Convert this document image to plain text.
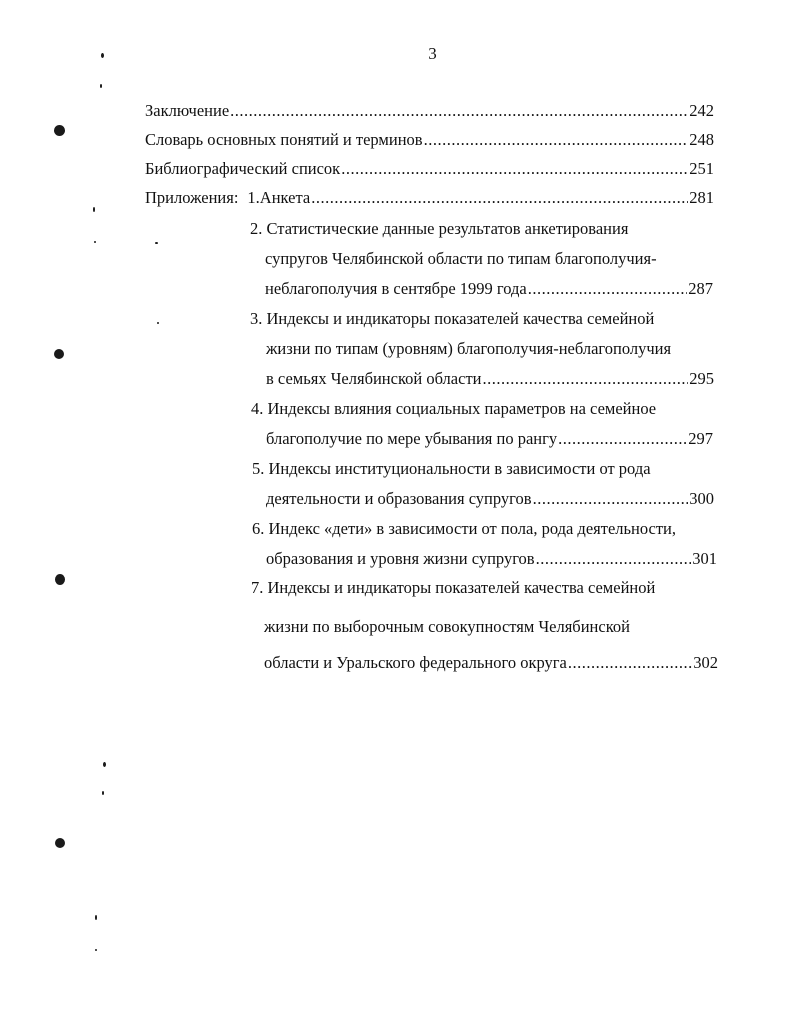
3
Заключение .....	242
Словарь основных понятий и терминов .....	248
Библиографический список .....	251
Приложения: 1.Анкета .....	281
2. Статистические данные результатов анкетирования
супругов Челябинской области по типам благополучия-
неблагополучия в сентябре 1999 года .....	287
3. Индексы и индикаторы показателей качества семейной
жизни по типам (уровням) благополучия-неблагополучия
в семьях Челябинской области .....	295
4. Индексы влияния социальных параметров на семейное
благополучие по мере убывания по рангу .....	297
5. Индексы институциональности в зависимости от рода
деятельности и образования супругов .....	300
6. Индекс «дети» в зависимости от пола, рода деятельности,
образования и уровня жизни супругов .....	301
7. Индексы и индикаторы показателей качества семейной
жизни по выборочным совокупностям Челябинской
области и Уральского федерального округа .....	302
